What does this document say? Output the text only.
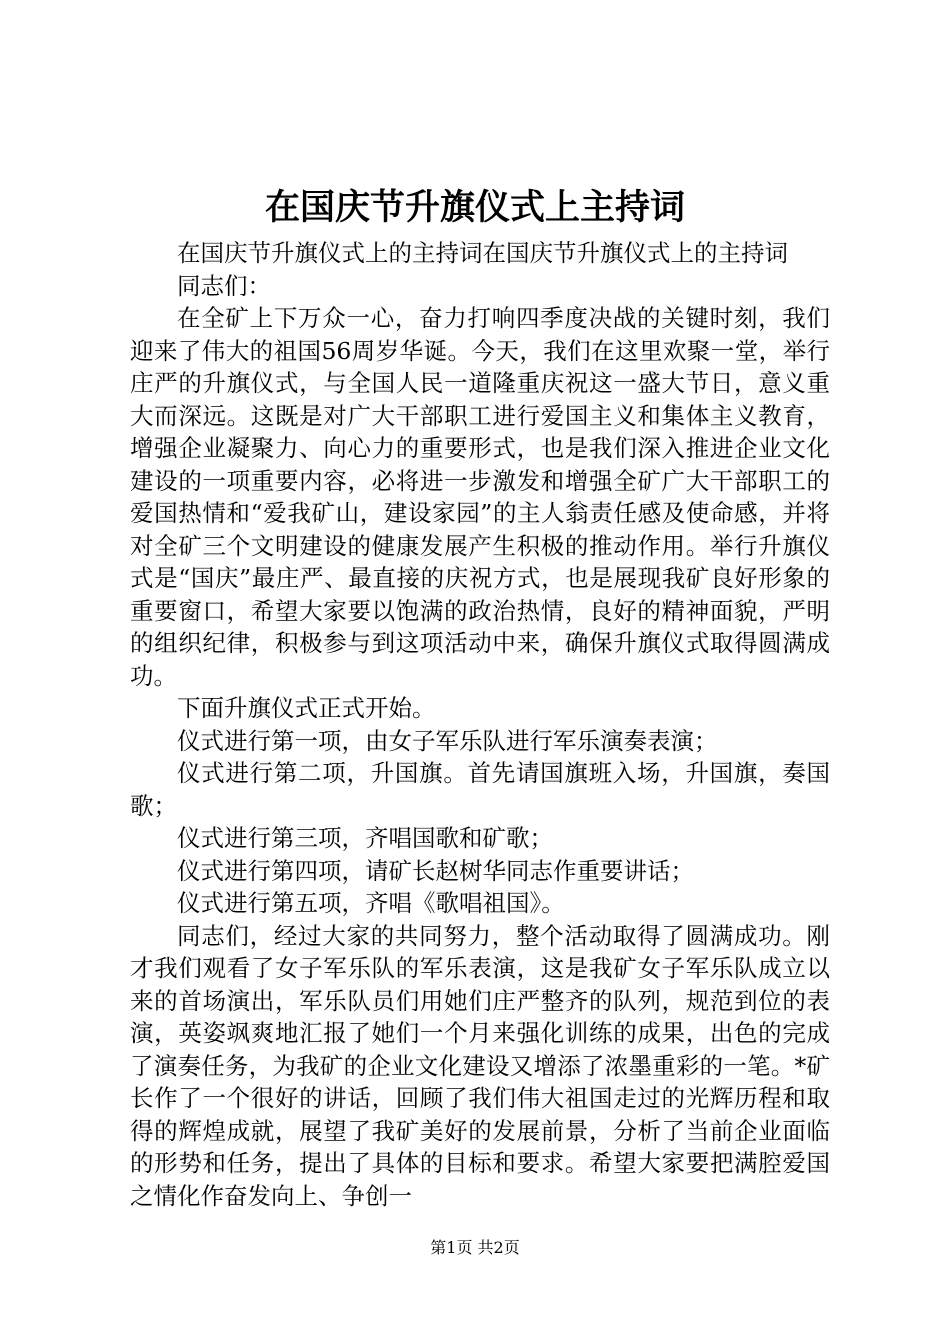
在国庆节升旗仪式上主持词

在国庆节升旗仪式上的主持词在国庆节升旗仪式上的主持词

同志们：

在全矿上下万众一心，奋力打响四季度决战的关键时刻，我们迎来了伟大的祖国56周岁华诞。今天，我们在这里欢聚一堂，举行庄严的升旗仪式，与全国人民一道隆重庆祝这一盛大节日，意义重大而深远。这既是对广大干部职工进行爱国主义和集体主义教育，增强企业凝聚力、向心力的重要形式，也是我们深入推进企业文化建设的一项重要内容，必将进一步激发和增强全矿广大干部职工的爱国热情和“爱我矿山，建设家园”的主人翁责任感及使命感，并将对全矿三个文明建设的健康发展产生积极的推动作用。举行升旗仪式是“国庆”最庄严、最直接的庆祝方式，也是展现我矿良好形象的重要窗口，希望大家要以饱满的政治热情，良好的精神面貌，严明的组织纪律，积极参与到这项活动中来，确保升旗仪式取得圆满成功。

下面升旗仪式正式开始。

仪式进行第一项，由女子军乐队进行军乐演奏表演；

仪式进行第二项，升国旗。首先请国旗班入场，升国旗，奏国歌；

仪式进行第三项，齐唱国歌和矿歌；

仪式进行第四项，请矿长赵树华同志作重要讲话；

仪式进行第五项，齐唱《歌唱祖国》。

同志们，经过大家的共同努力，整个活动取得了圆满成功。刚才我们观看了女子军乐队的军乐表演，这是我矿女子军乐队成立以来的首场演出，军乐队员们用她们庄严整齐的队列，规范到位的表演，英姿飒爽地汇报了她们一个月来强化训练的成果，出色的完成了演奏任务，为我矿的企业文化建设又增添了浓墨重彩的一笔。*矿长作了一个很好的讲话，回顾了我们伟大祖国走过的光辉历程和取得的辉煌成就，展望了我矿美好的发展前景，分析了当前企业面临的形势和任务，提出了具体的目标和要求。希望大家要把满腔爱国之情化作奋发向上、争创一

第1页 共2页
